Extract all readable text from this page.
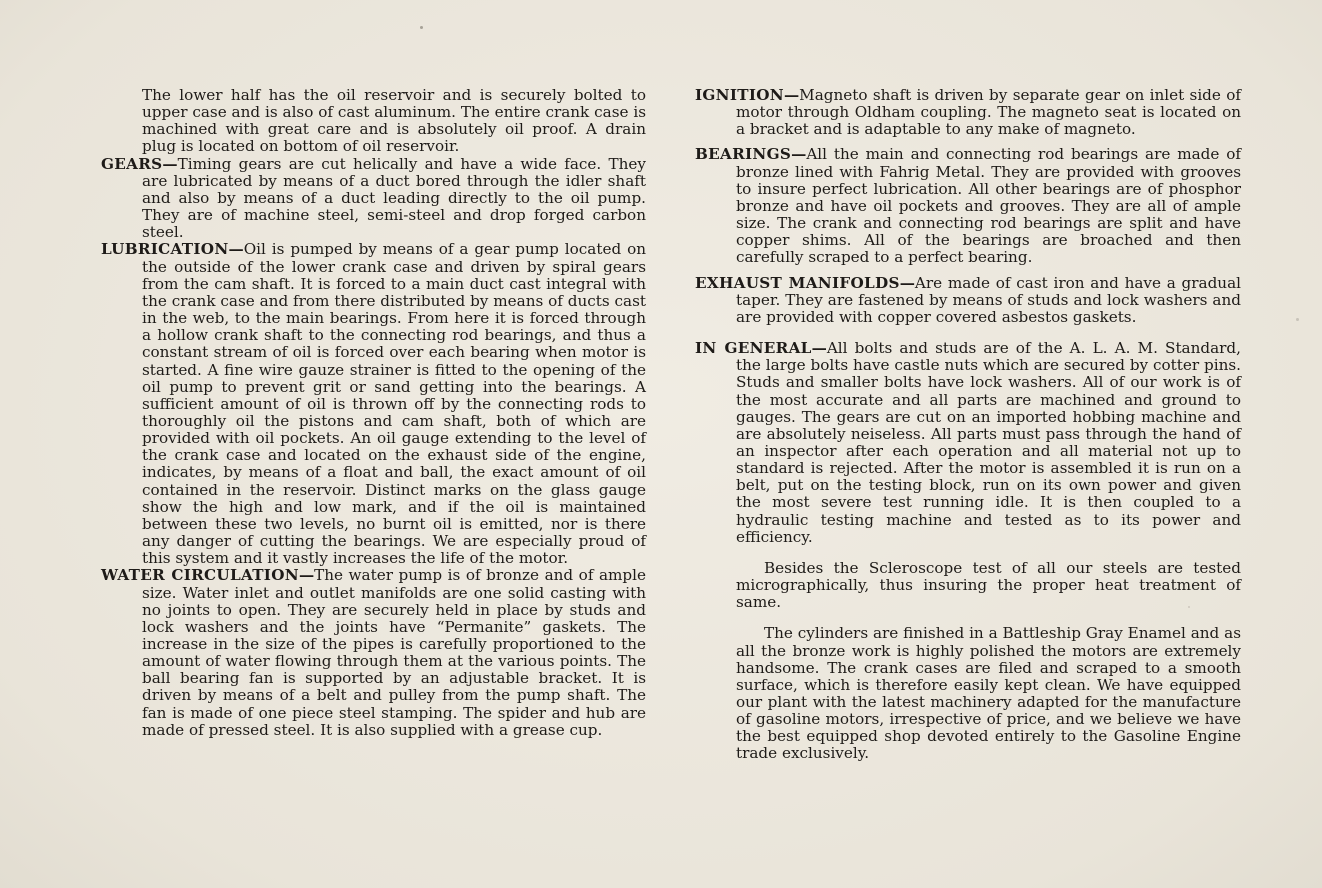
The lower half has the oil reservoir and is securely bolted to upper case and is also of cast aluminum. The entire crank case is machined with great care and is absolutely oil proof. A drain plug is located on bottom of oil reservoir.

GEARS—Timing gears are cut helically and have a wide face. They are lubricated by means of a duct bored through the idler shaft and also by means of a duct leading directly to the oil pump. They are of machine steel, semi-steel and drop forged carbon steel.

LUBRICATION—Oil is pumped by means of a gear pump located on the outside of the lower crank case and driven by spiral gears from the cam shaft. It is forced to a main duct cast integral with the crank case and from there distributed by means of ducts cast in the web, to the main bearings. From here it is forced through a hollow crank shaft to the connecting rod bearings, and thus a constant stream of oil is forced over each bearing when motor is started. A fine wire gauze strainer is fitted to the opening of the oil pump to prevent grit or sand getting into the bearings. A sufficient amount of oil is thrown off by the connecting rods to thoroughly oil the pistons and cam shaft, both of which are provided with oil pockets. An oil gauge extending to the level of the crank case and located on the exhaust side of the engine, indicates, by means of a float and ball, the exact amount of oil contained in the reservoir. Distinct marks on the glass gauge show the high and low mark, and if the oil is maintained between these two levels, no burnt oil is emitted, nor is there any danger of cutting the bearings. We are especially proud of this system and it vastly increases the life of the motor.

WATER CIRCULATION—The water pump is of bronze and of ample size. Water inlet and outlet manifolds are one solid casting with no joints to open. They are securely held in place by studs and lock washers and the joints have “Permanite” gaskets. The increase in the size of the pipes is carefully proportioned to the amount of water flowing through them at the various points. The ball bearing fan is supported by an adjustable bracket. It is driven by means of a belt and pulley from the pump shaft. The fan is made of one piece steel stamping. The spider and hub are made of pressed steel. It is also supplied with a grease cup.

IGNITION—Magneto shaft is driven by separate gear on inlet side of motor through Oldham coupling. The magneto seat is located on a bracket and is adaptable to any make of magneto.

BEARINGS—All the main and connecting rod bearings are made of bronze lined with Fahrig Metal. They are provided with grooves to insure perfect lubrication. All other bearings are of phosphor bronze and have oil pockets and grooves. They are all of ample size. The crank and connecting rod bearings are split and have copper shims. All of the bearings are broached and then carefully scraped to a perfect bearing.

EXHAUST MANIFOLDS—Are made of cast iron and have a gradual taper. They are fastened by means of studs and lock washers and are provided with copper covered asbestos gaskets.

IN GENERAL—All bolts and studs are of the A. L. A. M. Standard, the large bolts have castle nuts which are secured by cotter pins. Studs and smaller bolts have lock washers. All of our work is of the most accurate and all parts are machined and ground to gauges. The gears are cut on an imported hobbing machine and are absolutely neiseless. All parts must pass through the hand of an inspector after each operation and all material not up to standard is rejected. After the motor is assembled it is run on a belt, put on the testing block, run on its own power and given the most severe test running idle. It is then coupled to a hydraulic testing machine and tested as to its power and efficiency.

Besides the Scleroscope test of all our steels are tested micrographically, thus insuring the proper heat treatment of same.

The cylinders are finished in a Battleship Gray Enamel and as all the bronze work is highly polished the motors are extremely handsome. The crank cases are filed and scraped to a smooth surface, which is therefore easily kept clean. We have equipped our plant with the latest machinery adapted for the manufacture of gasoline motors, irrespective of price, and we believe we have the best equipped shop devoted entirely to the Gasoline Engine trade exclusively.
